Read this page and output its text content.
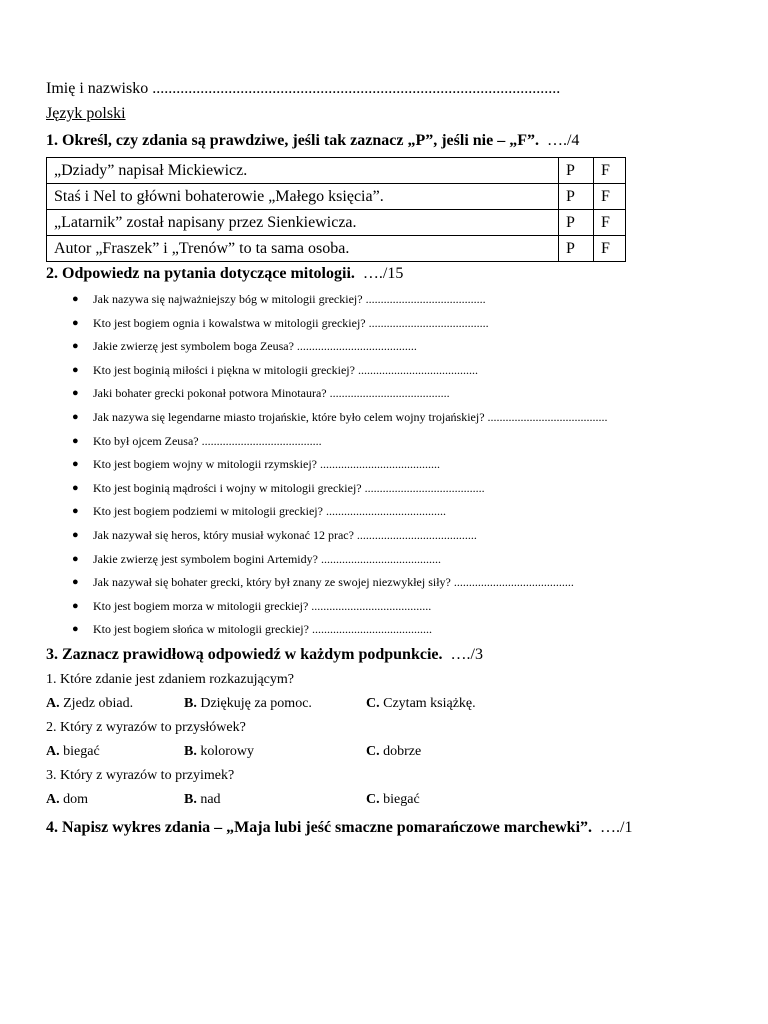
Imię i nazwisko ......................................................................................................
Język polski
1. Określ, czy zdania są prawdziwe, jeśli tak zaznacz „P”, jeśli nie – „F”. …./4
„Dziady” napisał Mickiewicz.	P	F
Staś i Nel to główni bohaterowie „Małego księcia”.	P	F
„Latarnik” został napisany przez Sienkiewicza.	P	F
Autor „Fraszek” i „Trenów” to ta sama osoba.	P	F
2. Odpowiedz na pytania dotyczące mitologii. …./15
● Jak nazywa się najważniejszy bóg w mitologii greckiej? ........................................
● Kto jest bogiem ognia i kowalstwa w mitologii greckiej? ........................................
● Jakie zwierzę jest symbolem boga Zeusa? ........................................
● Kto jest boginią miłości i piękna w mitologii greckiej? ........................................
● Jaki bohater grecki pokonał potwora Minotaura? ........................................
● Jak nazywa się legendarne miasto trojańskie, które było celem wojny trojańskiej? ........................................
● Kto był ojcem Zeusa? ........................................
● Kto jest bogiem wojny w mitologii rzymskiej? ........................................
● Kto jest boginią mądrości i wojny w mitologii greckiej? ........................................
● Kto jest bogiem podziemi w mitologii greckiej? ........................................
● Jak nazywał się heros, który musiał wykonać 12 prac? ........................................
● Jakie zwierzę jest symbolem bogini Artemidy? ........................................
● Jak nazywał się bohater grecki, który był znany ze swojej niezwykłej siły? ........................................
● Kto jest bogiem morza w mitologii greckiej? ........................................
● Kto jest bogiem słońca w mitologii greckiej? ........................................
3. Zaznacz prawidłową odpowiedź w każdym podpunkcie. …./3
1. Które zdanie jest zdaniem rozkazującym?
A. Zjedz obiad.	B. Dziękuję za pomoc.	C. Czytam książkę.
2. Który z wyrazów to przysłówek?
A. biegać	B. kolorowy	C. dobrze
3. Który z wyrazów to przyimek?
A. dom	B. nad	C. biegać
4. Napisz wykres zdania – „Maja lubi jeść smaczne pomarańczowe marchewki”. …./1
